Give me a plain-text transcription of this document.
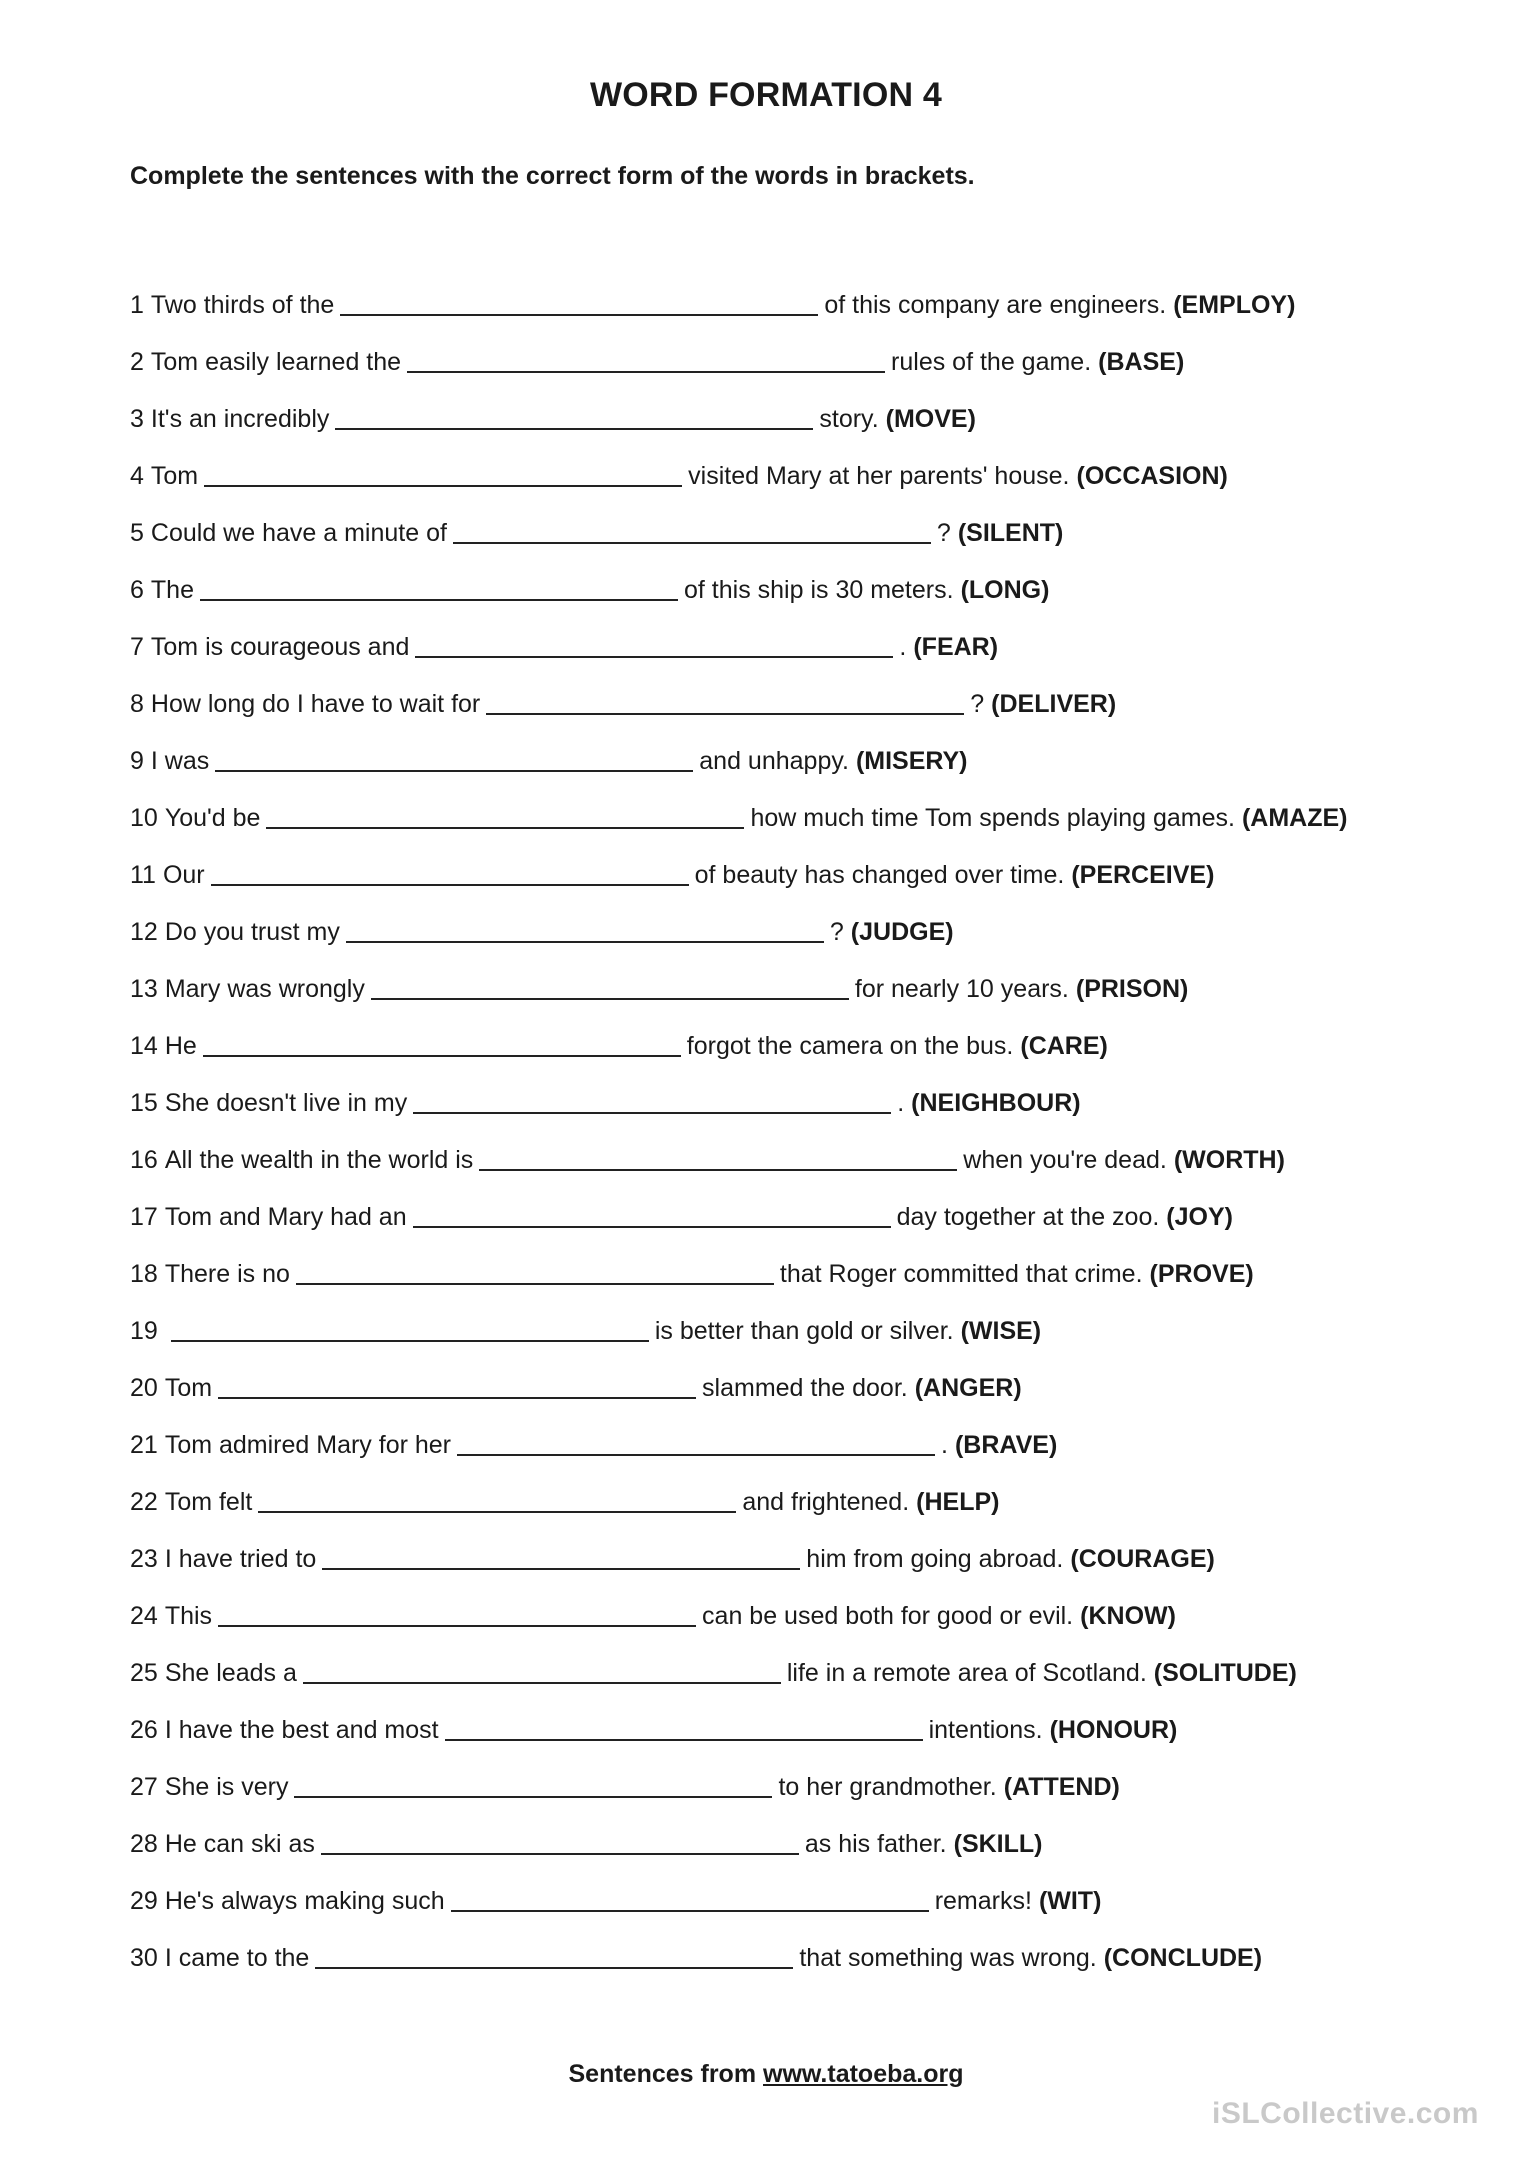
WORD FORMATION 4
Complete the sentences with the correct form of the words in brackets.
1 Two thirds of the	of this company are engineers. (EMPLOY)
2 Tom easily learned the	rules of the game. (BASE)
3 It's an incredibly	story. (MOVE)
4 Tom	visited Mary at her parents' house. (OCCASION)
5 Could we have a minute of	? (SILENT)
6 The	of this ship is 30 meters. (LONG)
7 Tom is courageous and	. (FEAR)
8 How long do I have to wait for	? (DELIVER)
9 I was	and unhappy. (MISERY)
10 You'd be	how much time Tom spends playing games. (AMAZE)
11 Our	of beauty has changed over time. (PERCEIVE)
12 Do you trust my	? (JUDGE)
13 Mary was wrongly	for nearly 10 years. (PRISON)
14 He	forgot the camera on the bus. (CARE)
15 She doesn't live in my	. (NEIGHBOUR)
16 All the wealth in the world is	when you're dead. (WORTH)
17 Tom and Mary had an	day together at the zoo. (JOY)
18 There is no	that Roger committed that crime. (PROVE)
19	is better than gold or silver. (WISE)
20 Tom	slammed the door. (ANGER)
21 Tom admired Mary for her	. (BRAVE)
22 Tom felt	and frightened. (HELP)
23 I have tried to	him from going abroad. (COURAGE)
24 This	can be used both for good or evil. (KNOW)
25 She leads a	life in a remote area of Scotland. (SOLITUDE)
26 I have the best and most	intentions. (HONOUR)
27 She is very	to her grandmother. (ATTEND)
28 He can ski as	as his father. (SKILL)
29 He's always making such	remarks! (WIT)
30 I came to the	that something was wrong. (CONCLUDE)
Sentences from www.tatoeba.org
iSLCollective.com
